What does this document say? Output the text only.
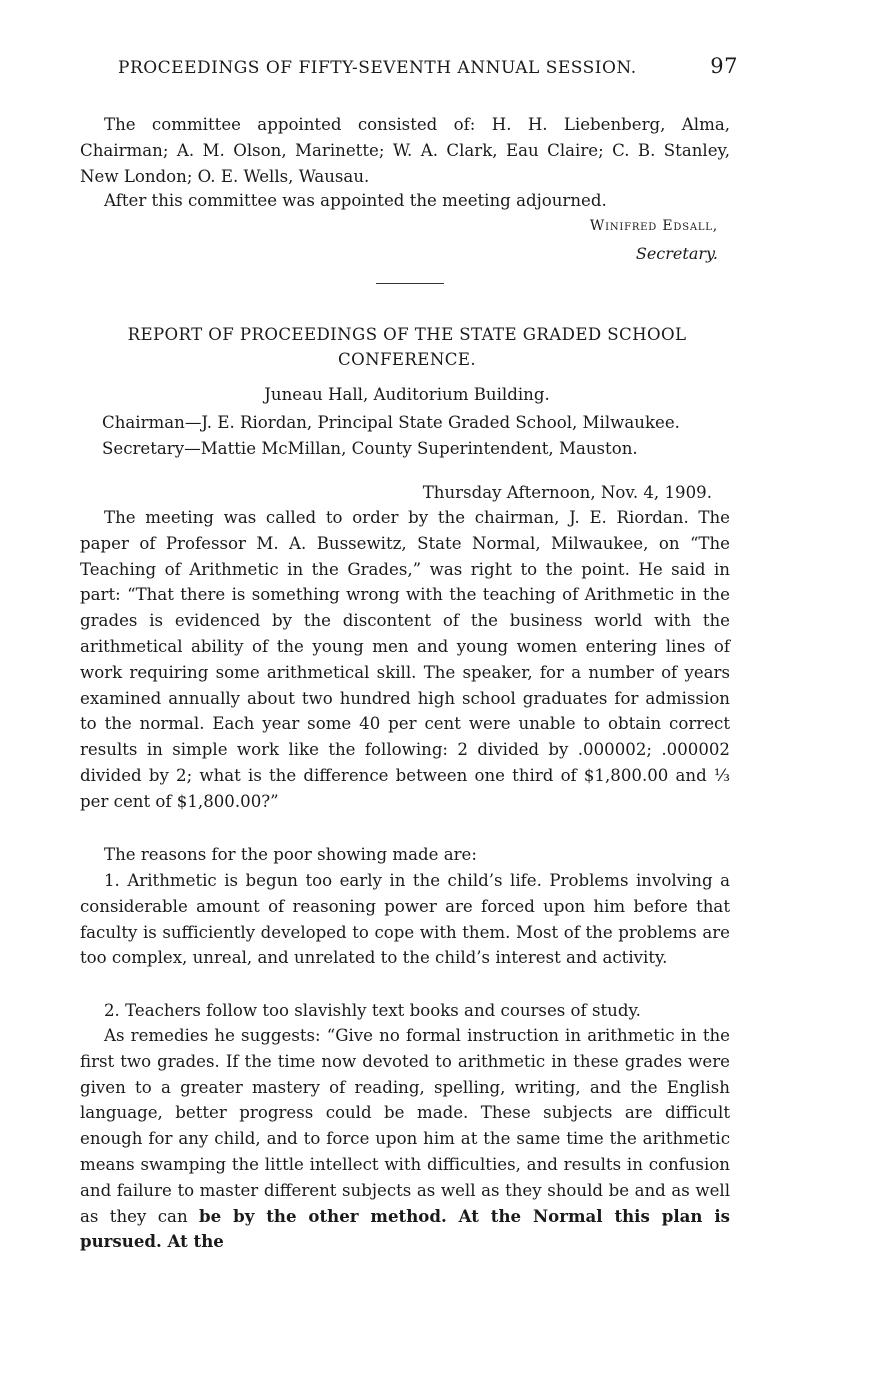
PROCEEDINGS OF FIFTY-SEVENTH ANNUAL SESSION.	97

The committee appointed consisted of: H. H. Liebenberg, Alma, Chairman; A. M. Olson, Marinette; W. A. Clark, Eau Claire; C. B. Stanley, New London; O. E. Wells, Wausau.

After this committee was appointed the meeting adjourned.

Winifred Edsall,
Secretary.
REPORT OF PROCEEDINGS OF THE STATE GRADED SCHOOL CONFERENCE.
Juneau Hall, Auditorium Building.
Chairman—J. E. Riordan, Principal State Graded School, Milwaukee.
Secretary—Mattie McMillan, County Superintendent, Mauston.
Thursday Afternoon, Nov. 4, 1909.

The meeting was called to order by the chairman, J. E. Riordan. The paper of Professor M. A. Bussewitz, State Normal, Milwaukee, on “The Teaching of Arithmetic in the Grades,” was right to the point. He said in part: “That there is something wrong with the teaching of Arithmetic in the grades is evidenced by the discontent of the business world with the arithmetical ability of the young men and young women entering lines of work requiring some arithmetical skill. The speaker, for a number of years examined annually about two hundred high school graduates for admission to the normal. Each year some 40 per cent were unable to obtain correct results in simple work like the following: 2 divided by .000002; .000002 divided by 2; what is the difference between one third of $1,800.00 and ⅓ per cent of $1,800.00?”

The reasons for the poor showing made are:

1. Arithmetic is begun too early in the child’s life. Problems involving a considerable amount of reasoning power are forced upon him before that faculty is sufficiently developed to cope with them. Most of the problems are too complex, unreal, and unrelated to the child’s interest and activity.

2. Teachers follow too slavishly text books and courses of study.

As remedies he suggests: “Give no formal instruction in arithmetic in the first two grades. If the time now devoted to arithmetic in these grades were given to a greater mastery of reading, spelling, writing, and the English language, better progress could be made. These subjects are difficult enough for any child, and to force upon him at the same time the arithmetic means swamping the little intellect with difficulties, and results in confusion and failure to master different subjects as well as they should be and as well as they can be by the other method. At the Normal this plan is pursued. At the
